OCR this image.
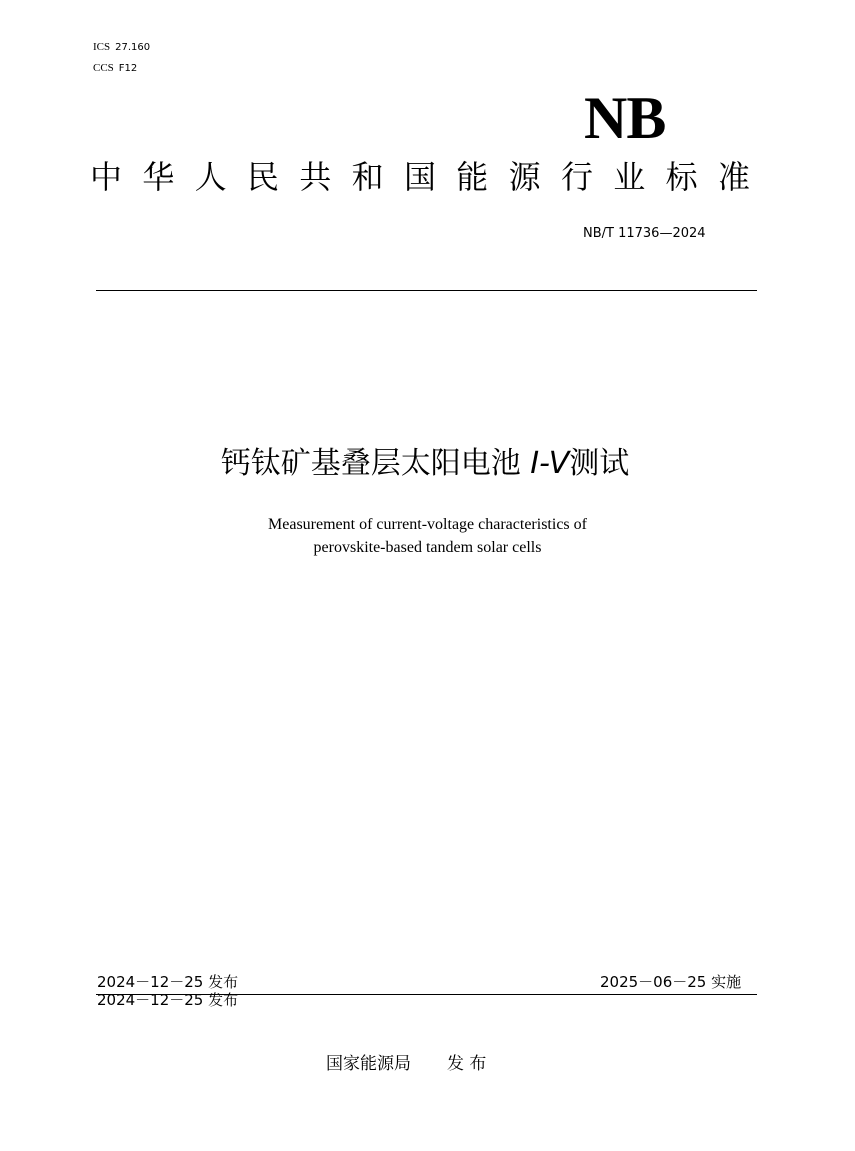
ICS 27.160
CCS F12
NB
中 华 人 民 共 和 国 能 源 行 业 标 准
NB/T 11736—2024
钙钛矿基叠层太阳电池 I-V测试
Measurement of current-voltage characteristics of
perovskite-based tandem solar cells
2024－12－25 发布	2025－06－25 实施
2024－12－25 发布
国家能源局 发 布
